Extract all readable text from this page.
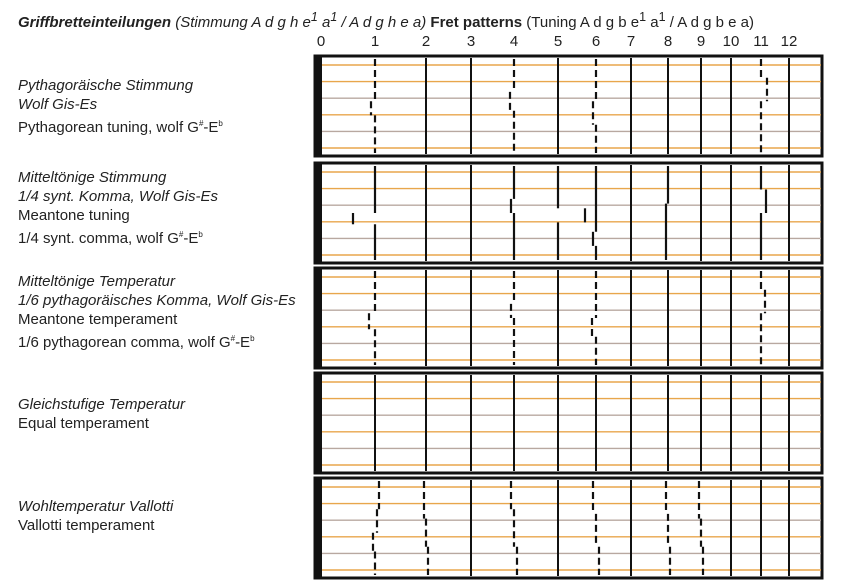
Griffbretteinteilungen (Stimmung A d g h $e^1$ $a^1$ / A d g h e a) Fret patterns (Tuning A d g b $e^1$ $a^1$ / A d g b e a)
0	1	2 3 4 5 6 7 8 9 10 11 12
Pythagoräische Stimmung
Wolf Gis-Es
Pythagorean tuning, wolf $G^{\#}-E^b$
Mitteltönige Stimmung
1/4 synt. Komma, Wolf Gis-Es
Meantone tuning
1/4 synt. comma, wolf $G^{\#}-E^b$
Mitteltönige Temperatur
1/6 pythagoräisches Komma, Wolf Gis-Es
Meantone temperament
1/6 pythagorean comma, wolf $G^{\#}-E^b$
Gleichstufige Temperatur
Equal temperament
Wohltemperatur Vallotti
Vallotti temperament
